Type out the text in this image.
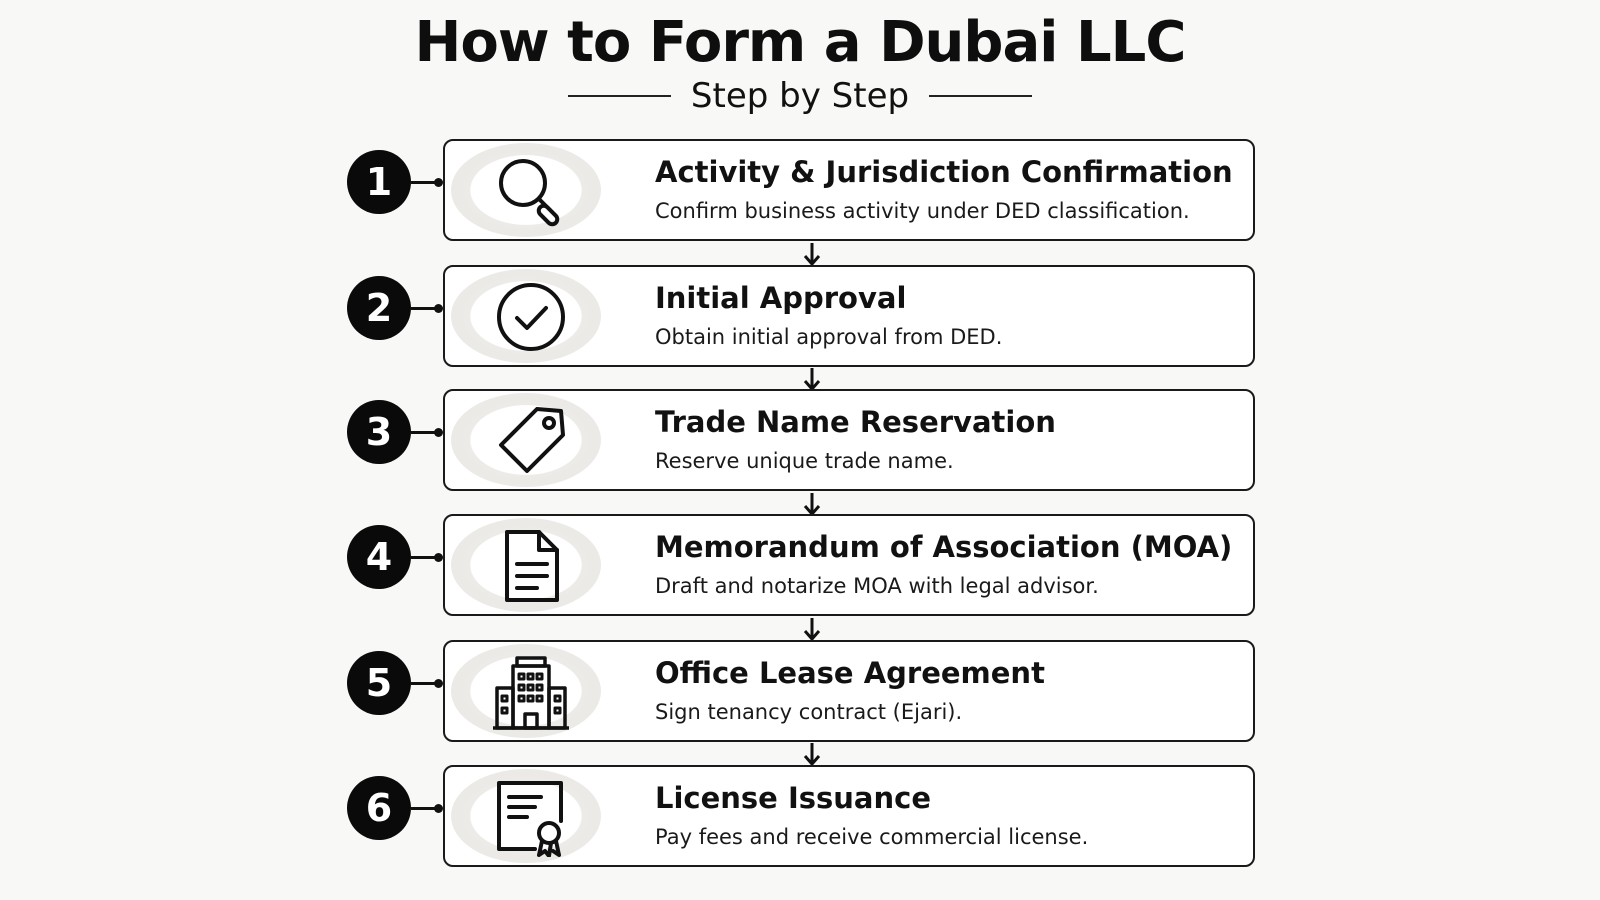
How to Form a Dubai LLC
Step by Step
1	Activity & Jurisdiction Confirmation
Confirm business activity under DED classification.
2	Initial Approval
Obtain initial approval from DED.
3	Trade Name Reservation
Reserve unique trade name.
4	Memorandum of Association (MOA)
Draft and notarize MOA with legal advisor.
5	Office Lease Agreement
Sign tenancy contract (Ejari).
6	License Issuance
Pay fees and receive commercial license.
